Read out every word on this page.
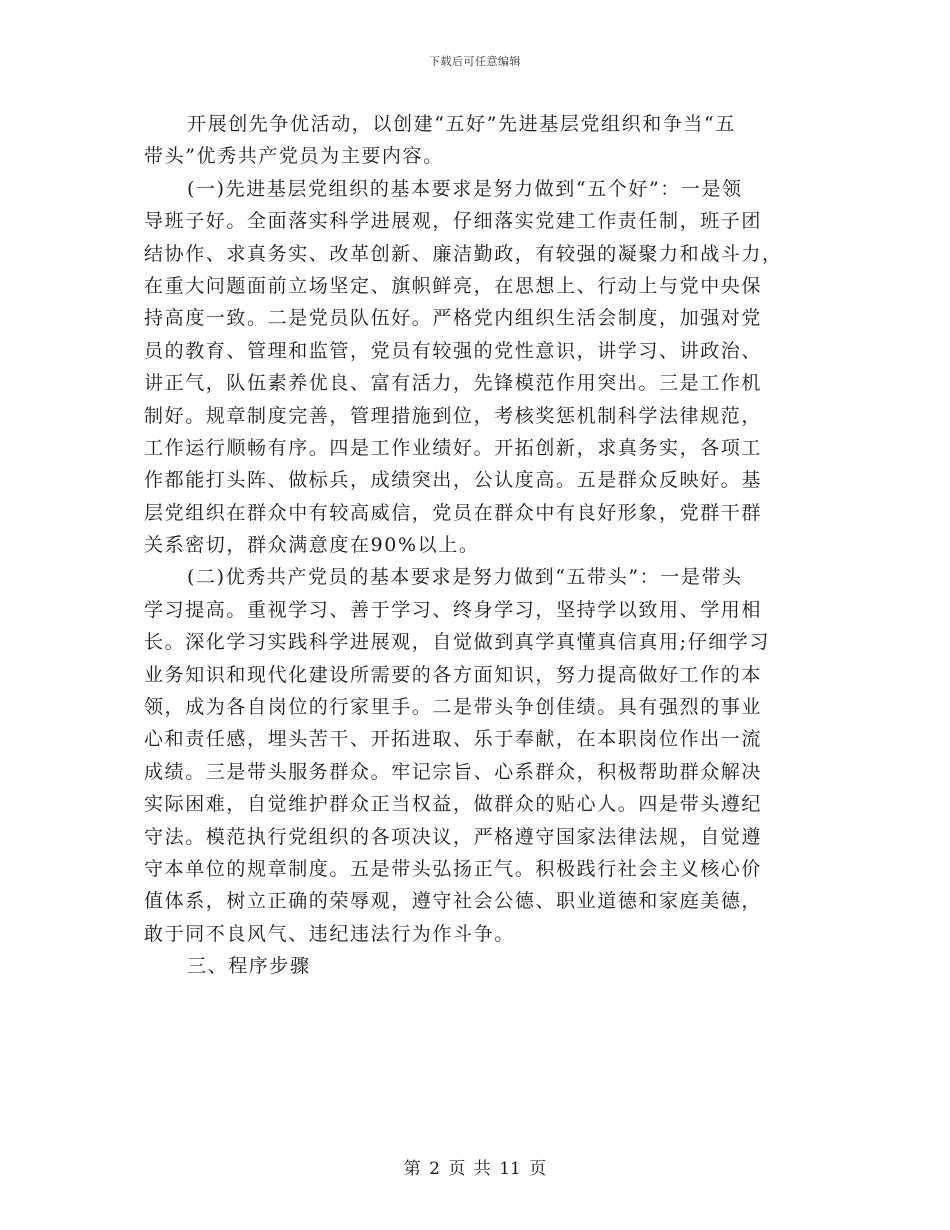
下载后可任意编辑
开展创先争优活动，以创建“五好”先进基层党组织和争当“五
带头”优秀共产党员为主要内容。
(一)先进基层党组织的基本要求是努力做到“五个好”：一是领
导班子好。全面落实科学进展观，仔细落实党建工作责任制，班子团
结协作、求真务实、改革创新、廉洁勤政，有较强的凝聚力和战斗力，
在重大问题面前立场坚定、旗帜鲜亮，在思想上、行动上与党中央保
持高度一致。二是党员队伍好。严格党内组织生活会制度，加强对党
员的教育、管理和监管，党员有较强的党性意识，讲学习、讲政治、
讲正气，队伍素养优良、富有活力，先锋模范作用突出。三是工作机
制好。规章制度完善，管理措施到位，考核奖惩机制科学法律规范，
工作运行顺畅有序。四是工作业绩好。开拓创新，求真务实，各项工
作都能打头阵、做标兵，成绩突出，公认度高。五是群众反映好。基
层党组织在群众中有较高威信，党员在群众中有良好形象，党群干群
关系密切，群众满意度在90%以上。
(二)优秀共产党员的基本要求是努力做到“五带头”：一是带头
学习提高。重视学习、善于学习、终身学习，坚持学以致用、学用相
长。深化学习实践科学进展观，自觉做到真学真懂真信真用;仔细学习
业务知识和现代化建设所需要的各方面知识，努力提高做好工作的本
领，成为各自岗位的行家里手。二是带头争创佳绩。具有强烈的事业
心和责任感，埋头苦干、开拓进取、乐于奉献，在本职岗位作出一流
成绩。三是带头服务群众。牢记宗旨、心系群众，积极帮助群众解决
实际困难，自觉维护群众正当权益，做群众的贴心人。四是带头遵纪
守法。模范执行党组织的各项决议，严格遵守国家法律法规，自觉遵
守本单位的规章制度。五是带头弘扬正气。积极践行社会主义核心价
值体系，树立正确的荣辱观，遵守社会公德、职业道德和家庭美德，
敢于同不良风气、违纪违法行为作斗争。
三、程序步骤
第 2 页 共 11 页
